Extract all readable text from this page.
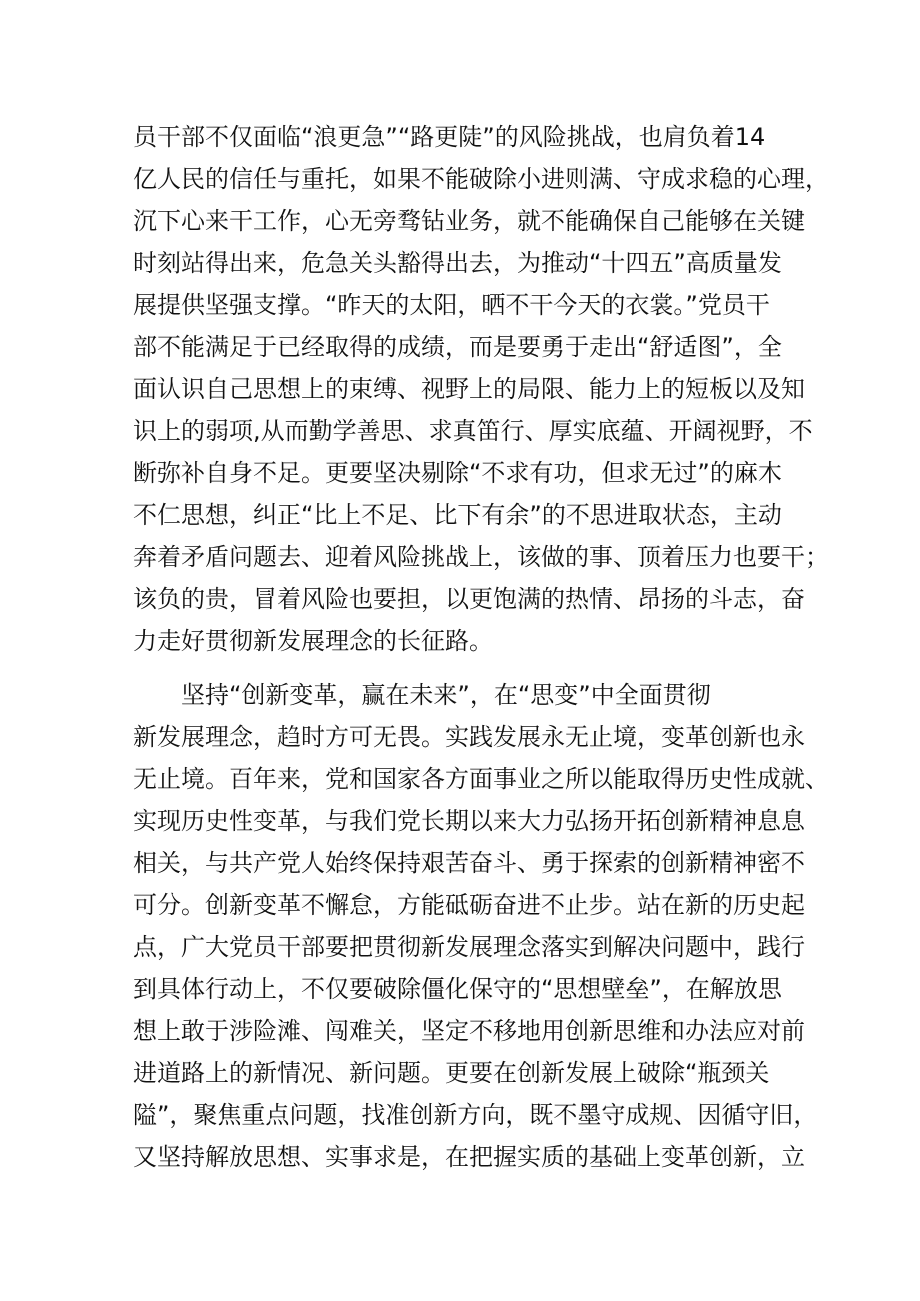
员干部不仅面临“浪更急”“路更陡”的风险挑战，也肩负着14
亿人民的信任与重托，如果不能破除小进则满、守成求稳的心理，
沉下心来干工作，心无旁骛钻业务，就不能确保自己能够在关键
时刻站得出来，危急关头豁得出去，为推动“十四五”高质量发
展提供坚强支撑。“昨天的太阳，晒不干今天的衣裳。”党员干
部不能满足于已经取得的成绩，而是要勇于走出“舒适图”，全
面认识自己思想上的束缚、视野上的局限、能力上的短板以及知
识上的弱项,从而勤学善思、求真笛行、厚实底蕴、开阔视野，不
断弥补自身不足。更要坚决剔除“不求有功，但求无过”的麻木
不仁思想，纠正“比上不足、比下有余”的不思进取状态，主动
奔着矛盾问题去、迎着风险挑战上，该做的事、顶着压力也要干；
该负的贵，冒着风险也要担，以更饱满的热情、昂扬的斗志，奋
力走好贯彻新发展理念的长征路。
坚持“创新变革，赢在未来”，在“思变”中全面贯彻
新发展理念，趋时方可无畏。实践发展永无止境，变革创新也永
无止境。百年来，党和国家各方面事业之所以能取得历史性成就、
实现历史性变革，与我们党长期以来大力弘扬开拓创新精神息息
相关，与共产党人始终保持艰苦奋斗、勇于探索的创新精神密不
可分。创新变革不懈怠，方能砥砺奋进不止步。站在新的历史起
点，广大党员干部要把贯彻新发展理念落实到解决问题中，践行
到具体行动上，不仅要破除僵化保守的“思想壁垒”，在解放思
想上敢于涉险滩、闯难关，坚定不移地用创新思维和办法应对前
进道路上的新情况、新问题。更要在创新发展上破除“瓶颈关
隘”，聚焦重点问题，找准创新方向，既不墨守成规、因循守旧，
又坚持解放思想、实事求是，在把握实质的基础上变革创新，立
